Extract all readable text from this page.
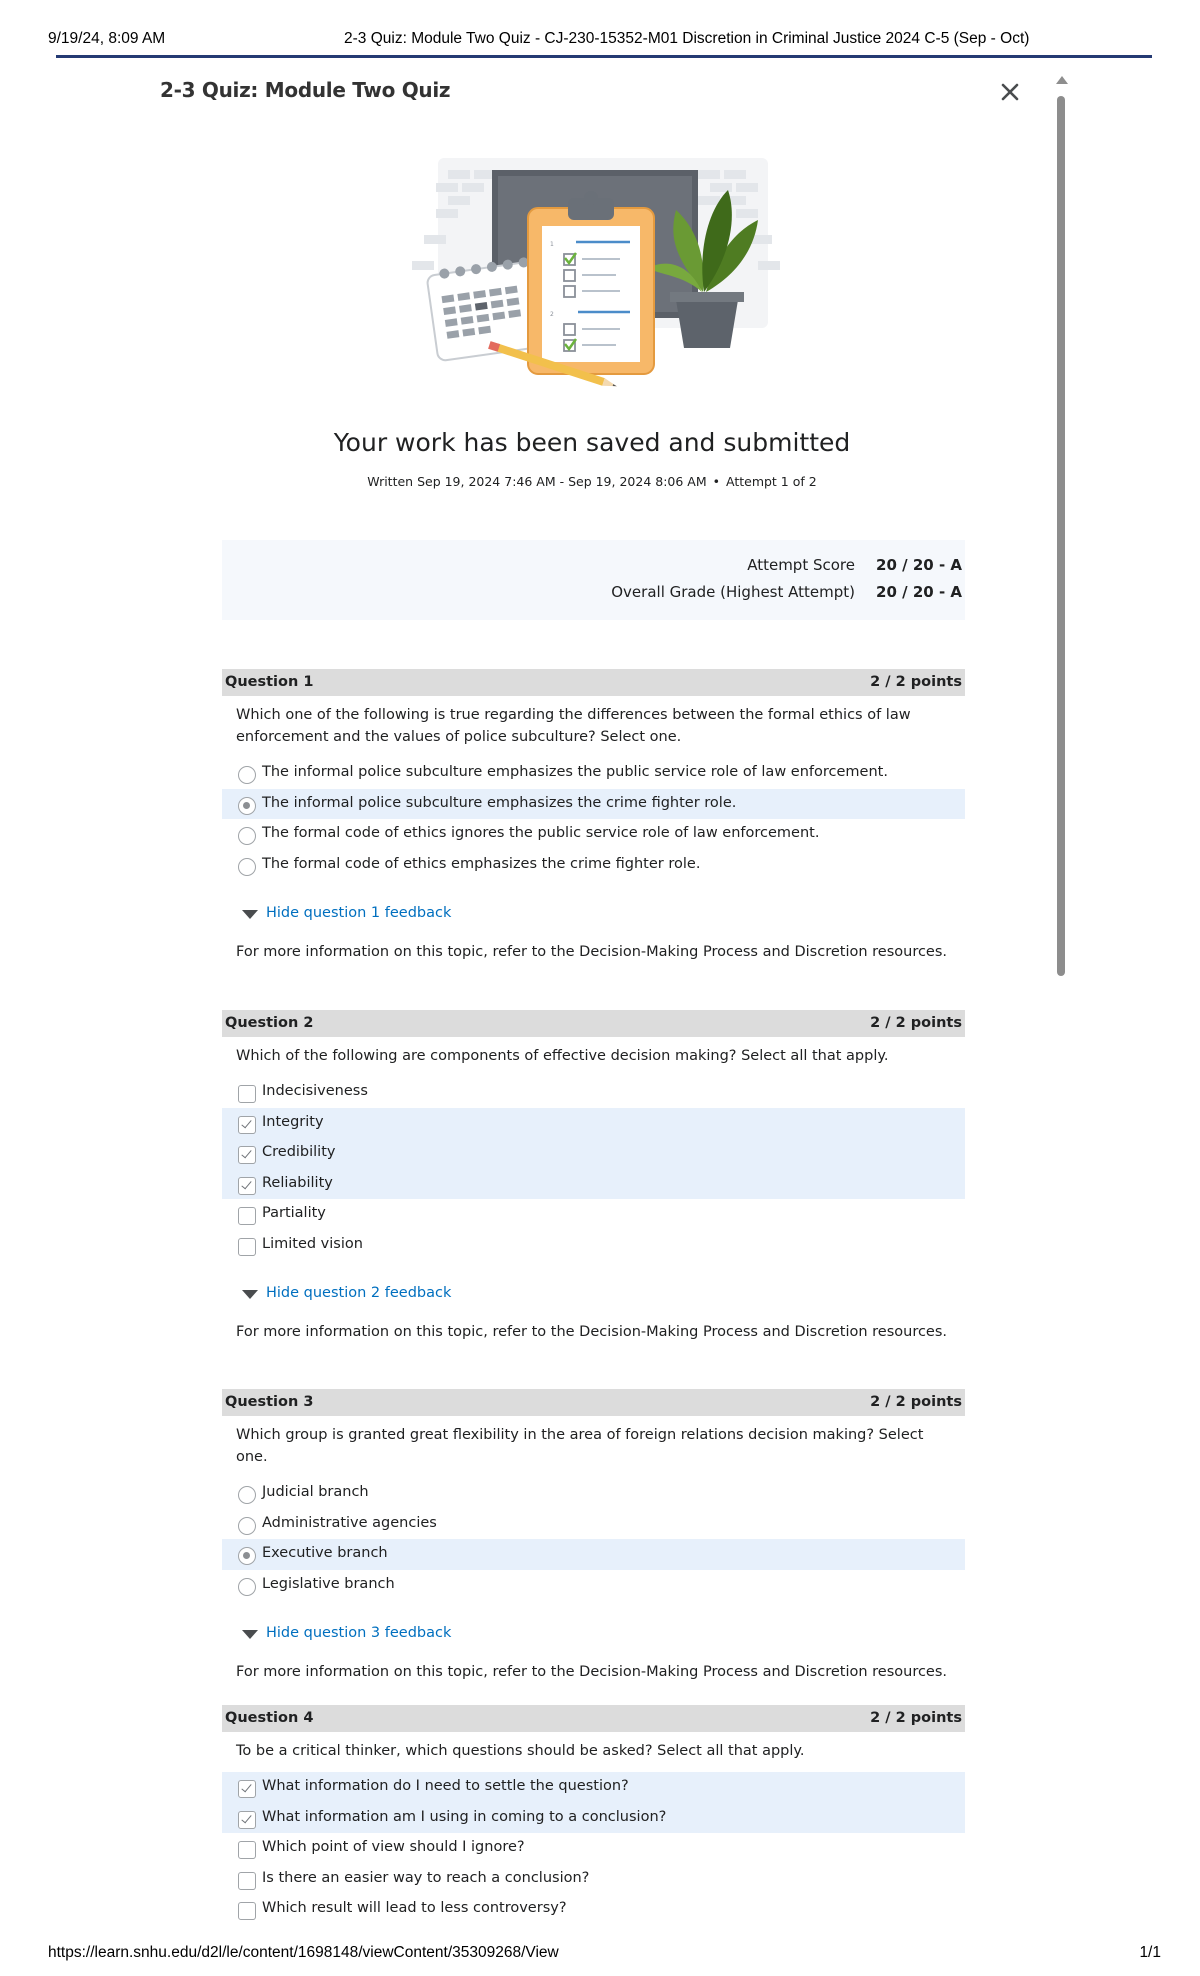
9/19/24, 8:09 AM	2-3 Quiz: Module Two Quiz - CJ-230-15352-M01 Discretion in Criminal Justice 2024 C-5 (Sep - Oct)
2-3 Quiz: Module Two Quiz
1
2
Your work has been saved and submitted
Written Sep 19, 2024 7:46 AM - Sep 19, 2024 8:06 AM • Attempt 1 of 2
Attempt Score 20 / 20 - A
Overall Grade (Highest Attempt) 20 / 20 - A
Question 1	2 / 2 points
Which one of the following is true regarding the differences between the formal ethics of law enforcement and the values of police subculture? Select one.
The informal police subculture emphasizes the public service role of law enforcement.
The informal police subculture emphasizes the crime fighter role.
The formal code of ethics ignores the public service role of law enforcement.
The formal code of ethics emphasizes the crime fighter role.
Hide question 1 feedback
For more information on this topic, refer to the Decision-Making Process and Discretion resources.
Question 2	2 / 2 points
Which of the following are components of effective decision making? Select all that apply.
Indecisiveness
Integrity
Credibility
Reliability
Partiality
Limited vision
Hide question 2 feedback
For more information on this topic, refer to the Decision-Making Process and Discretion resources.
Question 3	2 / 2 points
Which group is granted great flexibility in the area of foreign relations decision making? Select one.
Judicial branch
Administrative agencies
Executive branch
Legislative branch
Hide question 3 feedback
For more information on this topic, refer to the Decision-Making Process and Discretion resources.
Question 4	2 / 2 points
To be a critical thinker, which questions should be asked? Select all that apply.
What information do I need to settle the question?
What information am I using in coming to a conclusion?
Which point of view should I ignore?
Is there an easier way to reach a conclusion?
Which result will lead to less controversy?
https://learn.snhu.edu/d2l/le/content/1698148/viewContent/35309268/View	1/1
